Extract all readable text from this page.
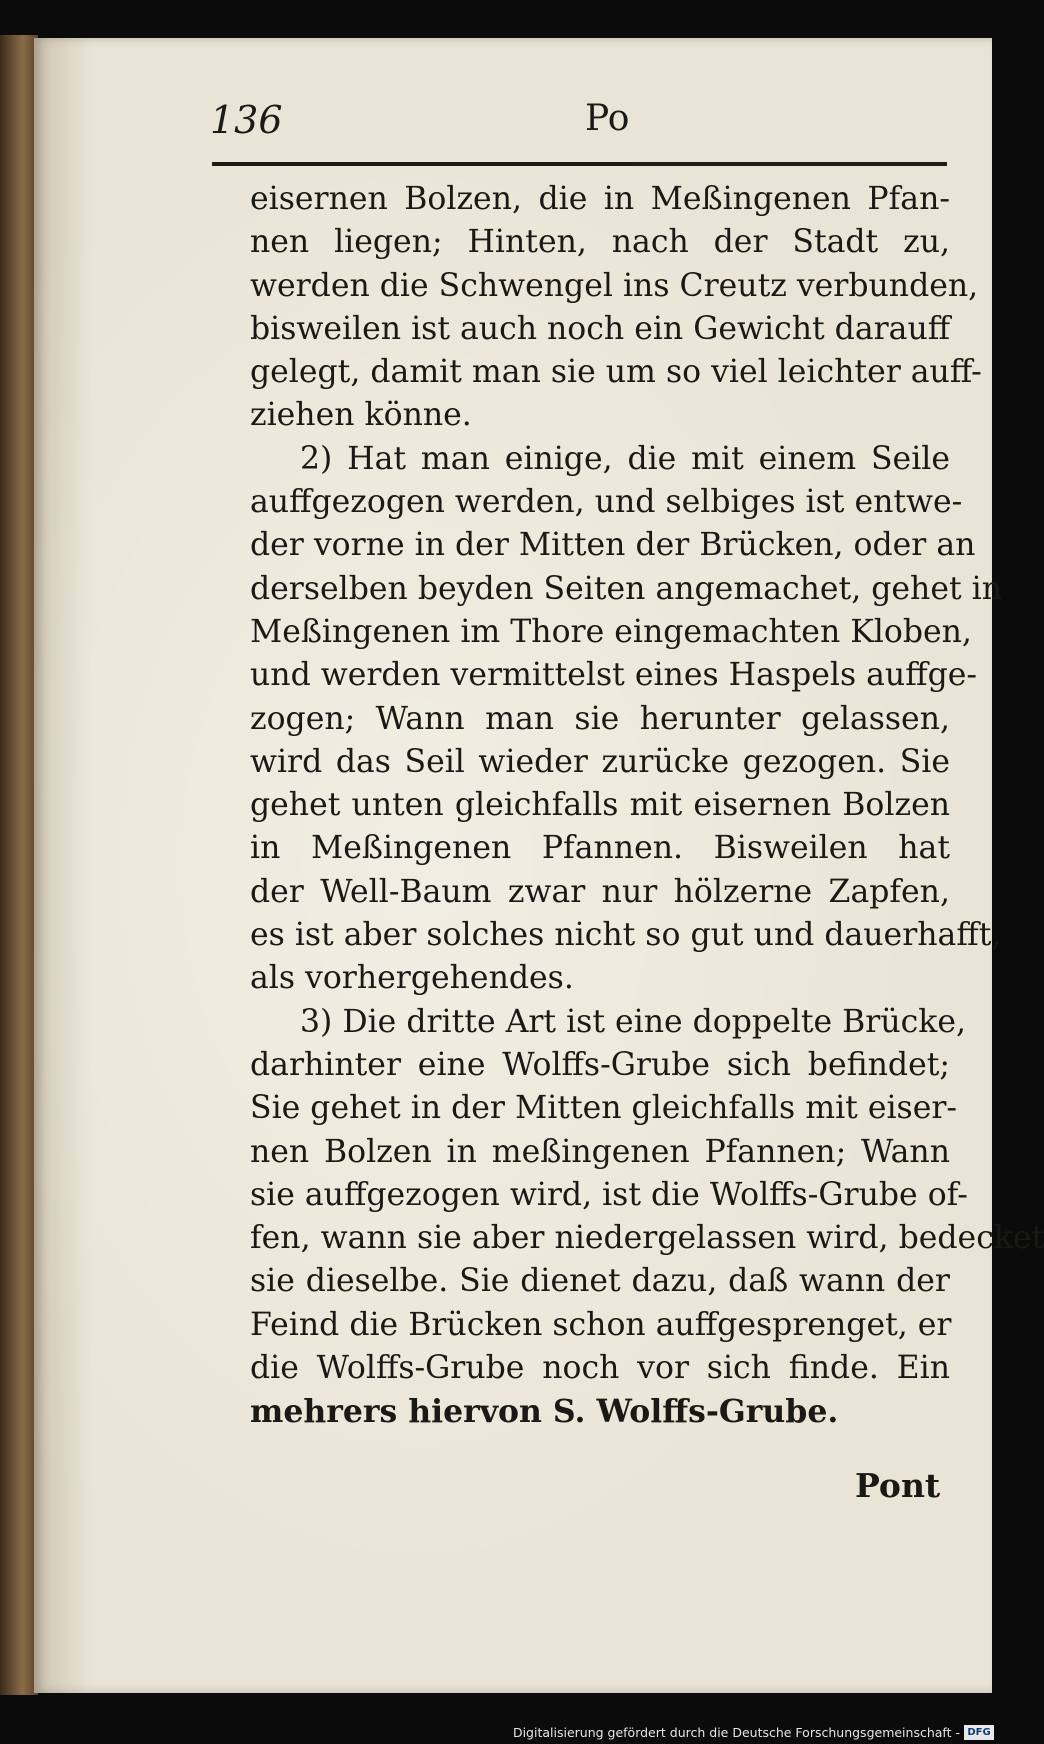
136	Po
eisernen Bolzen, die in Meßingenen Pfan-
nen liegen; Hinten, nach der Stadt zu,
werden die Schwengel ins Creutz verbunden,
bisweilen ist auch noch ein Gewicht darauff
gelegt, damit man sie um so viel leichter auff-
ziehen könne.
2) Hat man einige, die mit einem Seile
auffgezogen werden, und selbiges ist entwe-
der vorne in der Mitten der Brücken, oder an
derselben beyden Seiten angemachet, gehet in
Meßingenen im Thore eingemachten Kloben,
und werden vermittelst eines Haspels auffge-
zogen; Wann man sie herunter gelassen,
wird das Seil wieder zurücke gezogen. Sie
gehet unten gleichfalls mit eisernen Bolzen
in Meßingenen Pfannen. Bisweilen hat
der Well-Baum zwar nur hölzerne Zapfen,
es ist aber solches nicht so gut und dauerhafft,
als vorhergehendes.
3) Die dritte Art ist eine doppelte Brücke,
darhinter eine Wolffs-Grube sich befindet;
Sie gehet in der Mitten gleichfalls mit eiser-
nen Bolzen in meßingenen Pfannen; Wann
sie auffgezogen wird, ist die Wolffs-Grube of-
fen, wann sie aber niedergelassen wird, bedecket
sie dieselbe. Sie dienet dazu, daß wann der
Feind die Brücken schon auffgesprenget, er
die Wolffs-Grube noch vor sich finde. Ein
mehrers hiervon S. Wolffs-Grube.
Pont
Digitalisierung gefördert durch die Deutsche Forschungsgemeinschaft - DFG
